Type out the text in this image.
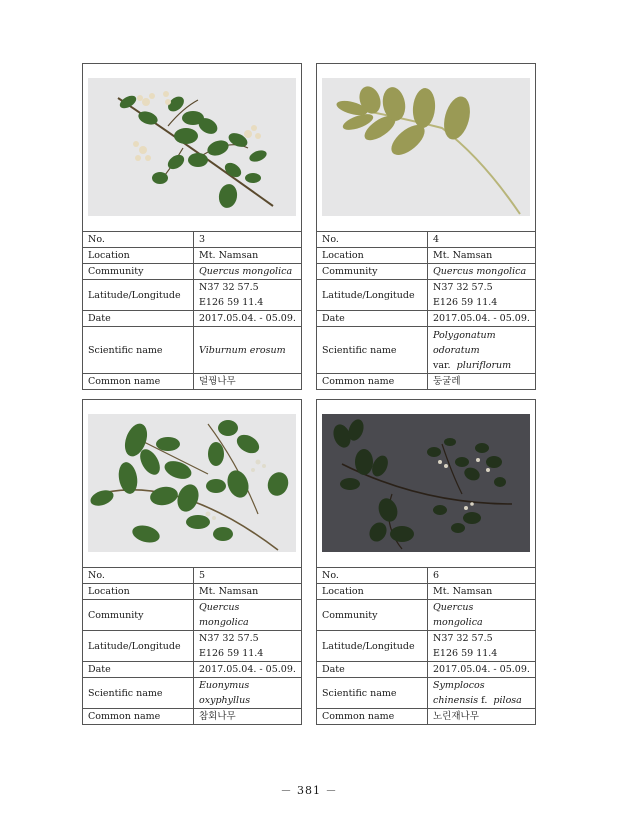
No.	3
Location	Mt. Namsan
Community	Quercus mongolica
Latitude/Longitude	N37 32 57.5
E126 59 11.4

Date	2017.05.04. - 05.09.
Scientific name	Viburnum erosum
Common name	덜꿩나무
No.	4
Location	Mt. Namsan
Community	Quercus mongolica
Latitude/Longitude	N37 32 57.5
E126 59 11.4

Date	2017.05.04. - 05.09.
Scientific name	Polygonatum
odoratum
var. pluriflorum

Common name	둥굴레
No.	5
Location	Mt. Namsan
Community	Quercus
mongolica

Latitude/Longitude	N37 32 57.5
E126 59 11.4

Date	2017.05.04. - 05.09.
Scientific name	Euonymus
oxyphyllus

Common name	참회나무
No.	6
Location	Mt. Namsan
Community	Quercus
mongolica

Latitude/Longitude	N37 32 57.5
E126 59 11.4

Date	2017.05.04. - 05.09.
Scientific name	Symplocos
chinensis f. pilosa

Common name	노린재나무
－ 381 －
